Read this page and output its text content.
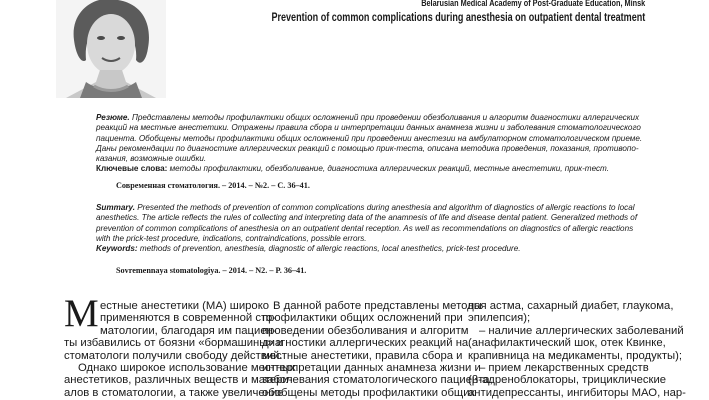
Belarusian Medical Academy of Post-Graduate Education, Minsk
Prevention of common complications during anesthesia on outpatient dental treatment

Резюме. Представлены методы профилактики общих осложнений при проведении обезболивания и алгоритм диагностики аллергических
реакций на местные анестетики. Отражены правила сбора и интерпретации данных анамнеза жизни и заболевания стоматологического
пациента. Обобщены методы профилактики общих осложнений при проведении анестезии на амбулаторном стоматологическом приеме.
Даны рекомендации по диагностике аллергических реакций с помощью прик-теста, описана методика проведения, показания, противопо-
казания, возможные ошибки.
Ключевые слова: методы профилактики, обезболивание, диагностика аллергических реакций, местные анестетики, прик-тест.

Современная стоматология. – 2014. – №2. – С. 36–41.

Summary. Presented the methods of prevention of common complications during anesthesia and algorithm of diagnostics of allergic reactions to local
anesthetics. The article reflects the rules of collecting and interpreting data of the anamnesis of life and disease dental patient. Generalized methods of
prevention of common complications of anesthesia on an outpatient dental reception. As well as recommendations on diagnostics of allergic reactions
with the prick-test procedure, indications, contraindications, possible errors.
Keywords: methods of prevention, anesthesia, diagnostic of allergic reactions, local anesthetics, prick-test procedure.

Sovremennaya stomatologiya. – 2014. – N2. – P. 36–41.
М естные анестетики (МА) широко
применяются в современной сто-
матологии, благодаря им пациен-
ты избавились от боязни «бормашины» и
стоматологи получили свободу действий.
Однако широкое использование местных
анестетиков, различных веществ и матери-
алов в стоматологии, а также увеличение
В данной работе представлены методы
профилактики общих осложнений при
проведении обезболивания и алгоритм
диагностики аллергических реакций на
местные анестетики, правила сбора и
интерпретации данных анамнеза жизни и
заболевания стоматологического пациента,
обобщены методы профилактики общих
ная астма, сахарный диабет, глаукома,
эпилепсия);
– наличие аллергических заболеваний
(анафилактический шок, отек Квинке,
крапивница на медикаменты, продукты);
– прием лекарственных средств
(β-адреноблокаторы, трициклические
антидепрессанты, ингибиторы МАО, нар-
